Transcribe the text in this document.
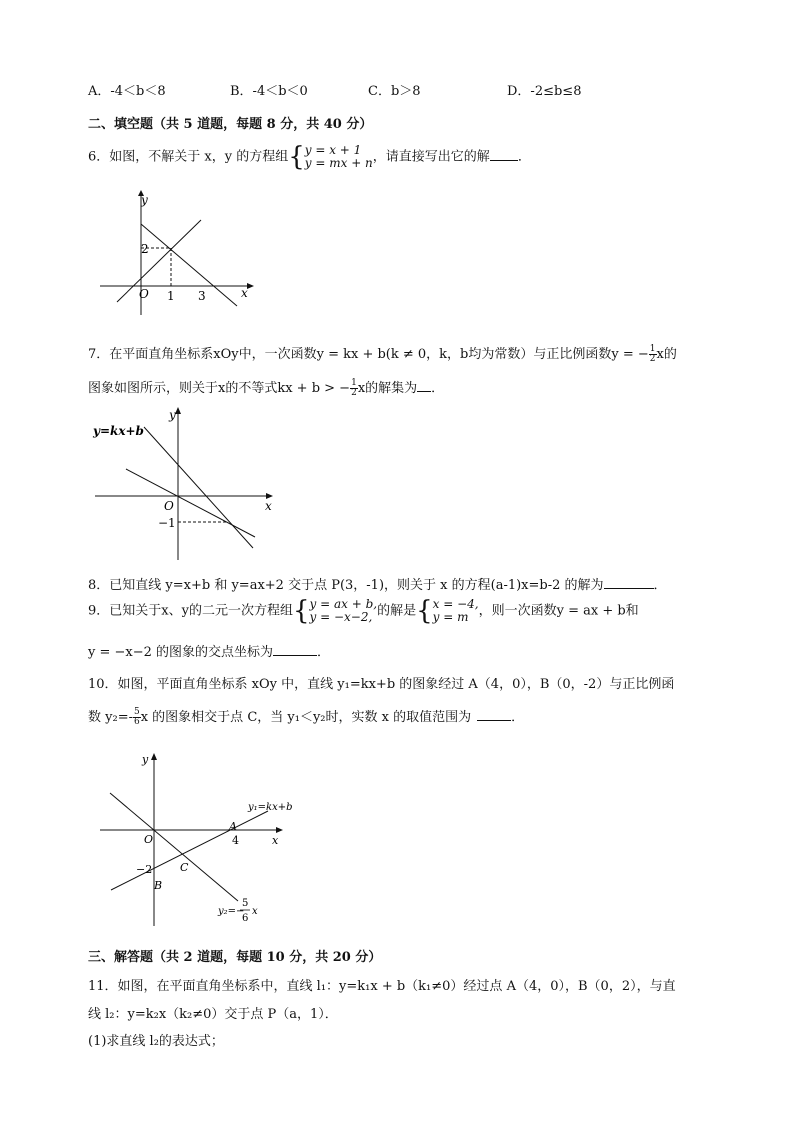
A．-4＜b＜8	B．-4＜b＜0	C．b＞8	D．-2≤b≤8
二、填空题（共 5 道题，每题 8 分，共 40 分）
6．如图，不解关于 x，y 的方程组{ y = x + 1
y = mx + n ，请直接写出它的解 ．
y
x
O 1 3
2
7．在平面直角坐标系xOy中，一次函数y = kx + b(k ≠ 0，k，b均为常数）与正比例函数y = − $\frac{1}{2}$ x的
图象如图所示，则关于x的不等式kx + b > − $\frac{1}{2}$ x的解集为 ．
y=kx+b
y
x
O
−1
8．已知直线 y=x+b 和 y=ax+2 交于点 P(3，-1)，则关于 x 的方程(a-1)x=b-2 的解为	．
9．已知关于x、y的二元一次方程组{ y = ax + b,
y = −x−2, 的解是{ x = −4,
y = m ，则一次函数y = ax + b和
y = −x−2 的图象的交点坐标为	．
10．如图，平面直角坐标系 xOy 中，直线 y₁=kx+b 的图象经过 A（4，0），B（0，-2）与正比例函
数 $y_2=- \frac{5}{6}$ x 的图象相交于点 C，当 y₁＜y₂时，实数 x 的取值范围为	．
y
x
O
A
4
−2
B
C
y₁=kx+b
y₂=−
5
6
x
三、解答题（共 2 道题，每题 10 分，共 20 分）
11．如图，在平面直角坐标系中，直线 l₁：y=k₁x + b（k₁≠0）经过点 A（4，0），B（0，2），与直
线 l₂：y=k₂x（k₂≠0）交于点 P（a，1）．
(1)求直线 l₂的表达式；
